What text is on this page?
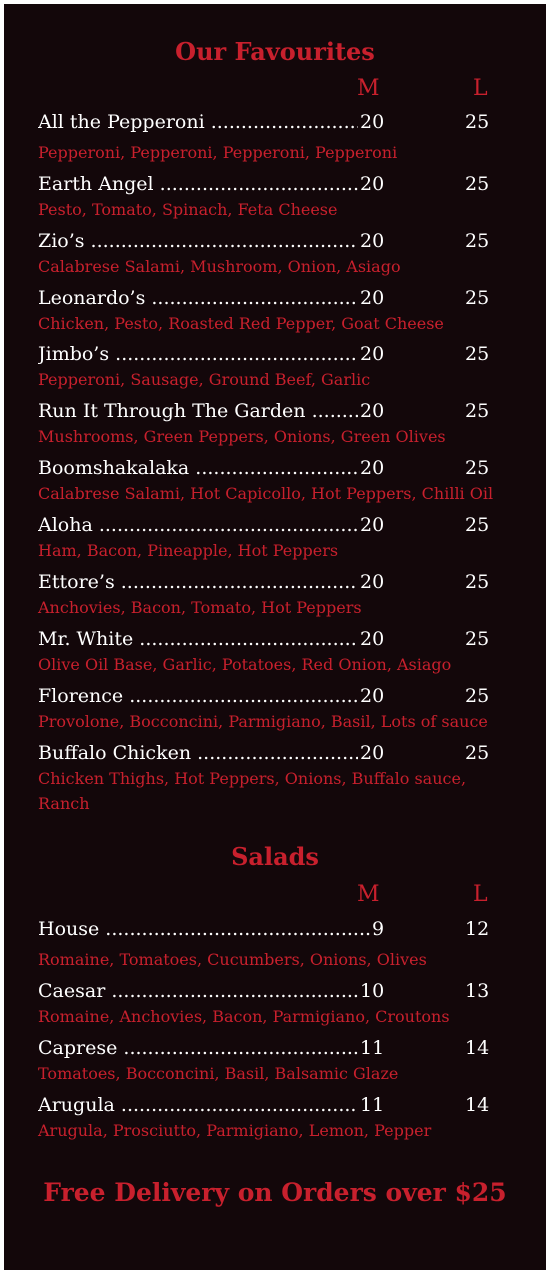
Our Favourites
M	L
All the Pepperoni .....	20	25
Pepperoni, Pepperoni, Pepperoni, Pepperoni
Earth Angel .....	20	25
Pesto, Tomato, Spinach, Feta Cheese
Zio’s .....	20	25
Calabrese Salami, Mushroom, Onion, Asiago
Leonardo’s .....	20	25
Chicken, Pesto, Roasted Red Pepper, Goat Cheese
Jimbo’s .....	20	25
Pepperoni, Sausage, Ground Beef, Garlic
Run It Through The Garden .....	20	25
Mushrooms, Green Peppers, Onions, Green Olives
Boomshakalaka .....	20	25
Calabrese Salami, Hot Capicollo, Hot Peppers, Chilli Oil
Aloha .....	20	25
Ham, Bacon, Pineapple, Hot Peppers
Ettore’s .....	20	25
Anchovies, Bacon, Tomato, Hot Peppers
Mr. White .....	20	25
Olive Oil Base, Garlic, Potatoes, Red Onion, Asiago
Florence .....	20	25
Provolone, Bocconcini, Parmigiano, Basil, Lots of sauce
Buffalo Chicken .....	20	25
Chicken Thighs, Hot Peppers, Onions, Buffalo sauce, Ranch
Salads
M	L
House .....	9	12
Romaine, Tomatoes, Cucumbers, Onions, Olives
Caesar .....	10	13
Romaine, Anchovies, Bacon, Parmigiano, Croutons
Caprese .....	11	14
Tomatoes, Bocconcini, Basil, Balsamic Glaze
Arugula .....	11	14
Arugula, Prosciutto, Parmigiano, Lemon, Pepper
Free Delivery on Orders over $25
